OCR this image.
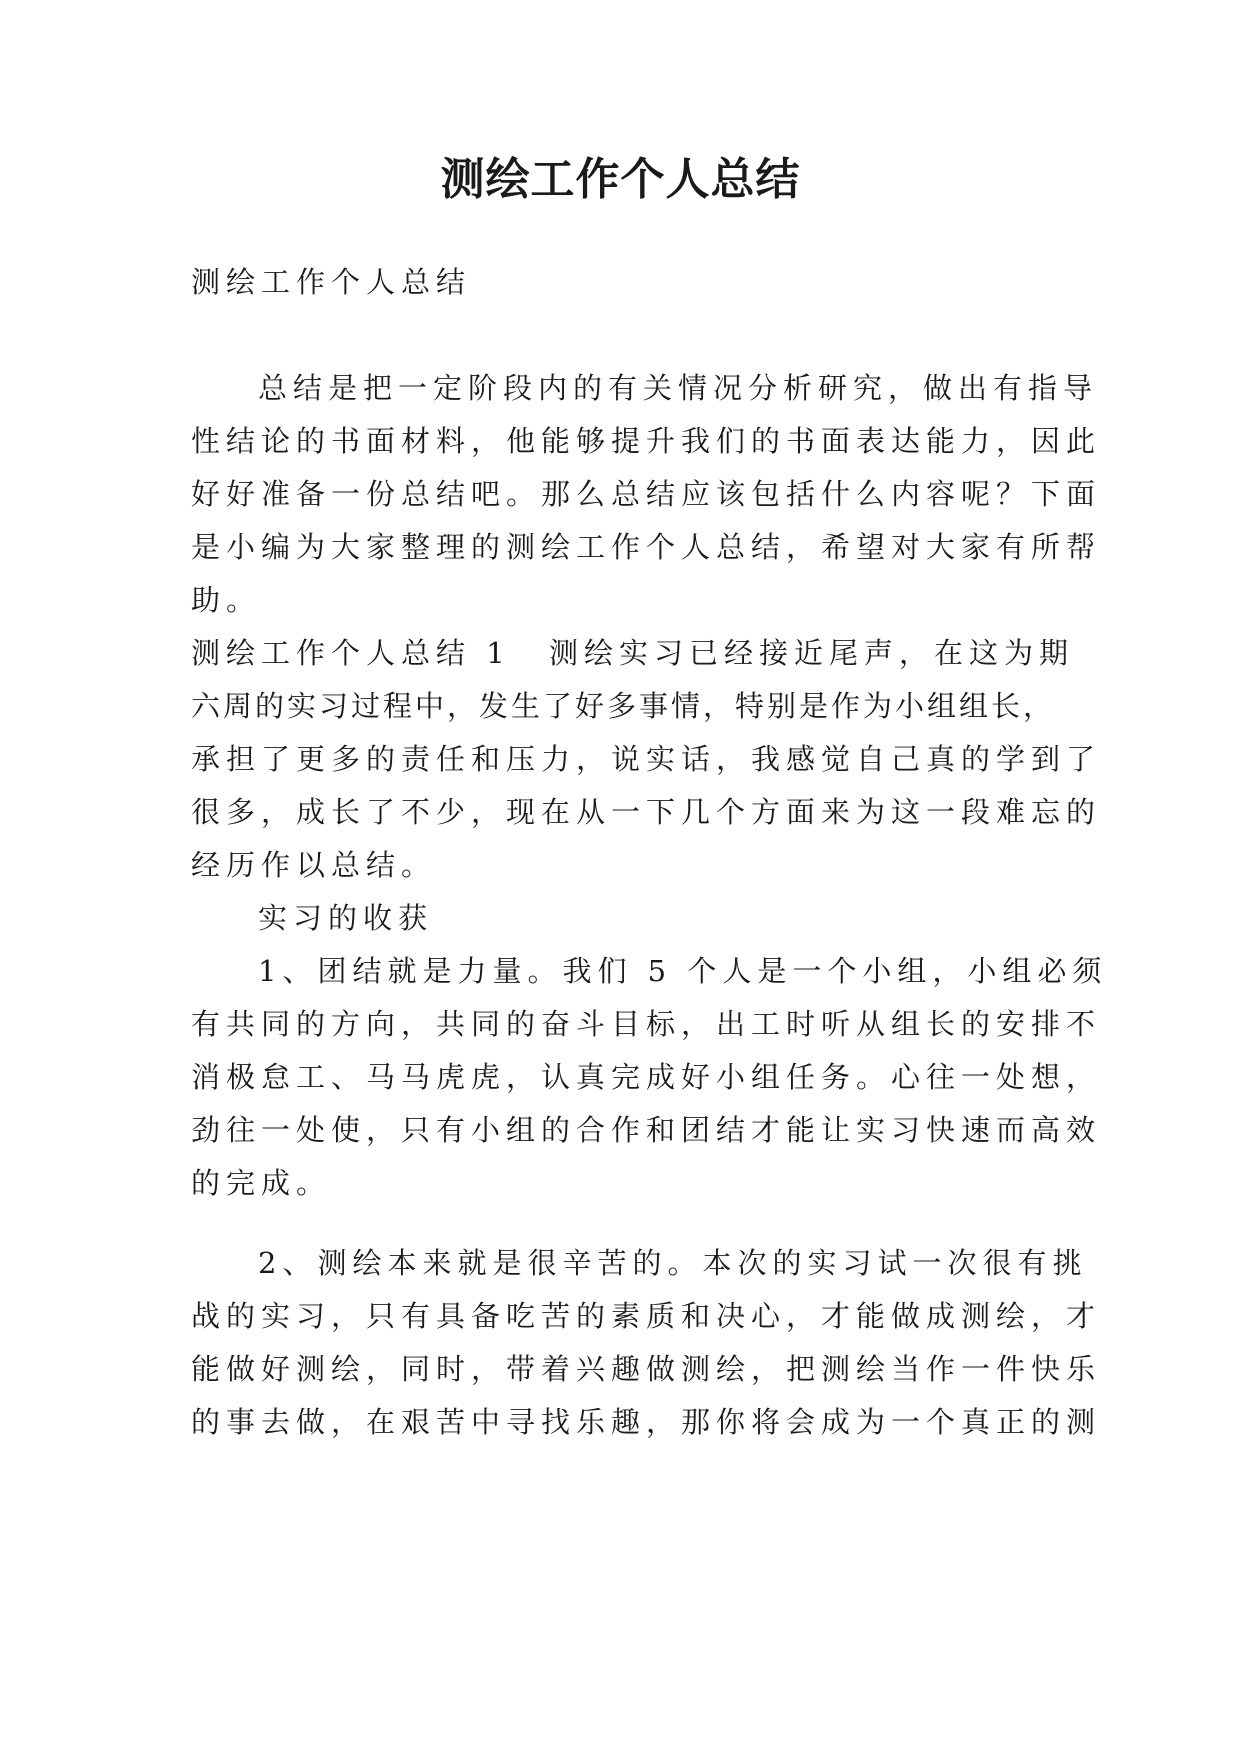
测绘工作个人总结
测绘工作个人总结
总结是把一定阶段内的有关情况分析研究，做出有指导
性结论的书面材料，他能够提升我们的书面表达能力，因此
好好准备一份总结吧。那么总结应该包括什么内容呢？下面
是小编为大家整理的测绘工作个人总结，希望对大家有所帮
助。
测绘工作个人总结 1 测绘实习已经接近尾声，在这为期
六周的实习过程中，发生了好多事情，特别是作为小组组长，
承担了更多的责任和压力，说实话，我感觉自己真的学到了
很多，成长了不少，现在从一下几个方面来为这一段难忘的
经历作以总结。
实习的收获
1、团结就是力量。我们 5 个人是一个小组，小组必须
有共同的方向，共同的奋斗目标，出工时听从组长的安排不
消极怠工、马马虎虎，认真完成好小组任务。心往一处想，
劲往一处使，只有小组的合作和团结才能让实习快速而高效
的完成。
2、测绘本来就是很辛苦的。本次的实习试一次很有挑
战的实习，只有具备吃苦的素质和决心，才能做成测绘，才
能做好测绘，同时，带着兴趣做测绘，把测绘当作一件快乐
的事去做，在艰苦中寻找乐趣，那你将会成为一个真正的测
